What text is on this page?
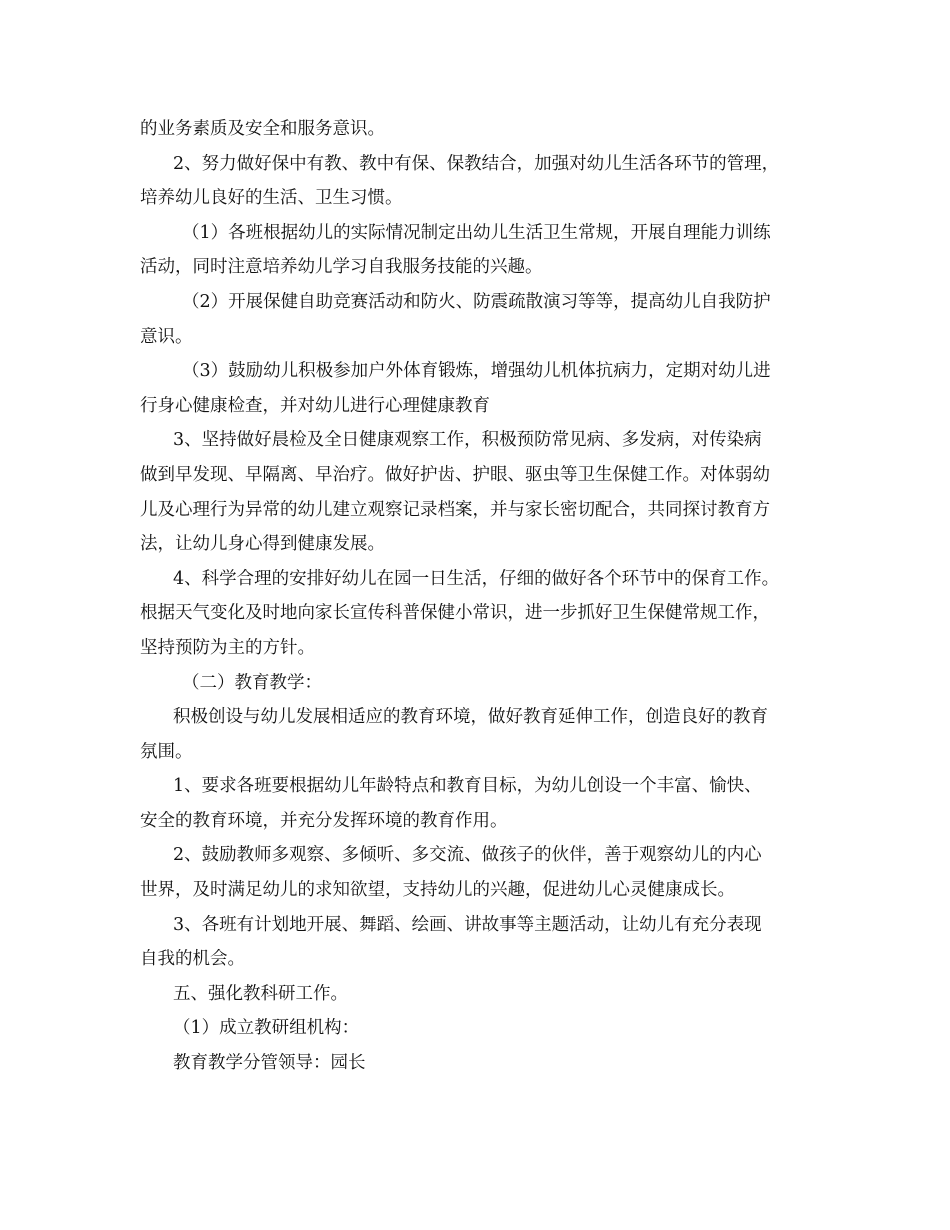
的业务素质及安全和服务意识。
2、努力做好保中有教、教中有保、保教结合，加强对幼儿生活各环节的管理，
培养幼儿良好的生活、卫生习惯。
（1）各班根据幼儿的实际情况制定出幼儿生活卫生常规，开展自理能力训练
活动，同时注意培养幼儿学习自我服务技能的兴趣。
（2）开展保健自助竞赛活动和防火、防震疏散演习等等，提高幼儿自我防护
意识。
（3）鼓励幼儿积极参加户外体育锻炼，增强幼儿机体抗病力，定期对幼儿进
行身心健康检查，并对幼儿进行心理健康教育
3、坚持做好晨检及全日健康观察工作，积极预防常见病、多发病，对传染病
做到早发现、早隔离、早治疗。做好护齿、护眼、驱虫等卫生保健工作。对体弱幼
儿及心理行为异常的幼儿建立观察记录档案，并与家长密切配合，共同探讨教育方
法，让幼儿身心得到健康发展。
4、科学合理的安排好幼儿在园一日生活，仔细的做好各个环节中的保育工作。
根据天气变化及时地向家长宣传科普保健小常识，进一步抓好卫生保健常规工作，
坚持预防为主的方针。
（二）教育教学：
积极创设与幼儿发展相适应的教育环境，做好教育延伸工作，创造良好的教育
氛围。
1、要求各班要根据幼儿年龄特点和教育目标，为幼儿创设一个丰富、愉快、
安全的教育环境，并充分发挥环境的教育作用。
2、鼓励教师多观察、多倾听、多交流、做孩子的伙伴，善于观察幼儿的内心
世界，及时满足幼儿的求知欲望，支持幼儿的兴趣，促进幼儿心灵健康成长。
3、各班有计划地开展、舞蹈、绘画、讲故事等主题活动，让幼儿有充分表现
自我的机会。
五、强化教科研工作。
（1）成立教研组机构：
教育教学分管领导：园长
